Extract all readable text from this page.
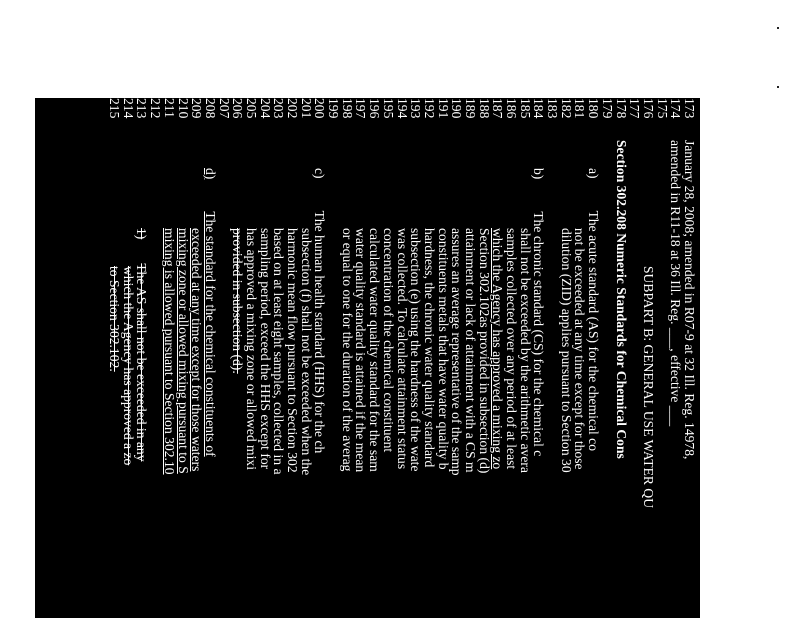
173
174
175
176
177
178
179
180
181
182
183
184
185
186
187
188
189
190
191
192
193
194
195
196
197
198
199
200
201
202
203
204
205
206
207
208
209
210
211
212
213
214
215
January 28, 2008; amended in R07-9 at 32 Ill. Reg. 14978,
amended in R11-18 at 36 Ill. Reg. ___, effective ___
SUBPART B: GENERAL USE WATER QU
Section 302.208 Numeric Standards for Chemical Cons
a)The acute standard (AS) for the chemical co
not be exceeded at any time except for those
dilution (ZID) applies pursuant to Section 30
b)The chronic standard (CS) for the chemical c
shall not be exceeded by the arithmetic avera
samples collected over any period of at least
which the Agency has approved a mixing zo
Section 302.102as provided in subsection (d)
attainment or lack of attainment with a CS m
assures an average representative of the samp
constituents metals that have water quality b
hardness, the chronic water quality standard
subsection (e) using the hardness of the wate
was collected. To calculate attainment status
concentration of the chemical constituent
calculated water quality standard for the sam
water quality standard is attained if the mean
or equal to one for the duration of the averag
c)The human health standard (HHS) for the ch
subsection (f) shall not be exceeded when the
harmonic mean flow pursuant to Section 302
based on at least eight samples, collected in a
sampling period, exceed the HHS except for
has approved a mixing zone or allowed mixi
provided in subsection (d).
d)The standard for the chemical constituents of
exceeded at any time except for those waters
mixing zone or allowed mixing pursuant to S
mixing is allowed pursuant to Section 302.10
1)The AS shall not be exceeded in any
which the Agency has approved a zo
to Section 302.102.
